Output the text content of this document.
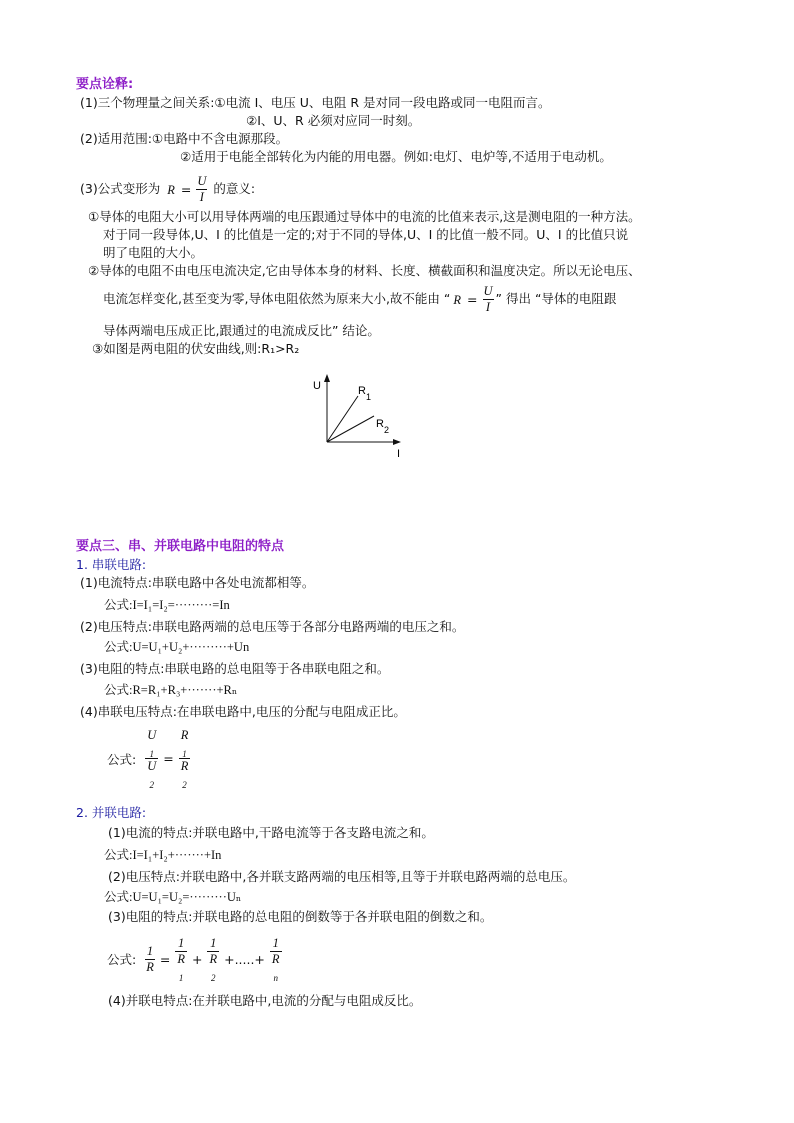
要点诠释:
(1)三个物理量之间关系:①电流 I、电压 U、电阻 R 是对同一段电路或同一电阻而言。
②I、U、R 必须对应同一时刻。
(2)适用范围:①电路中不含电源那段。
②适用于电能全部转化为内能的用电器。例如:电灯、电炉等,不适用于电动机。
(3)公式变形为 $R = \frac{U}{I}$ 的意义:
①导体的电阻大小可以用导体两端的电压跟通过导体中的电流的比值来表示,这是测电阻的一种方法。
对于同一段导体,U、I 的比值是一定的;对于不同的导体,U、I 的比值一般不同。U、I 的比值只说
明了电阻的大小。
②导体的电阻不由电压电流决定,它由导体本身的材料、长度、横截面积和温度决定。所以无论电压、
电流怎样变化,甚至变为零,导体电阻依然为原来大小,故不能由 “ $R = \frac{U}{I}$ ” 得出 “导体的电阻跟
导体两端电压成正比,跟通过的电流成反比” 结论。
③如图是两电阻的伏安曲线,则:R₁>R₂
U
I
R 1
R 2
要点三、串、并联电路中电阻的特点
1. 串联电路:
(1)电流特点:串联电路中各处电流都相等。
公式:I=I₁=I₂=·········=In
(2)电压特点:串联电路两端的总电压等于各部分电路两端的电压之和。
公式:U=U₁+U₂+·········+Un
(3)电阻的特点:串联电路的总电阻等于各串联电阻之和。
公式:R=R₁+R₃+·······+Rₙ
(4)串联电压特点:在串联电路中,电压的分配与电阻成正比。
公式: U
$_1$
U
$_2$ = R
$_1$
R
$_2$
2. 并联电路:
(1)电流的特点:并联电路中,干路电流等于各支路电流之和。
公式:I=I₁+I₂+·······+In
(2)电压特点:并联电路中,各并联支路两端的电压相等,且等于并联电路两端的总电压。
公式:U=U₁=U₂=·········Uₙ
(3)电阻的特点:并联电路的总电阻的倒数等于各并联电阻的倒数之和。
公式: $\frac{1}{R} = 1$
R
$_1$ + 1
R
$_2$ +.....+ 1
R
$_n$
(4)并联电特点:在并联电路中,电流的分配与电阻成反比。
